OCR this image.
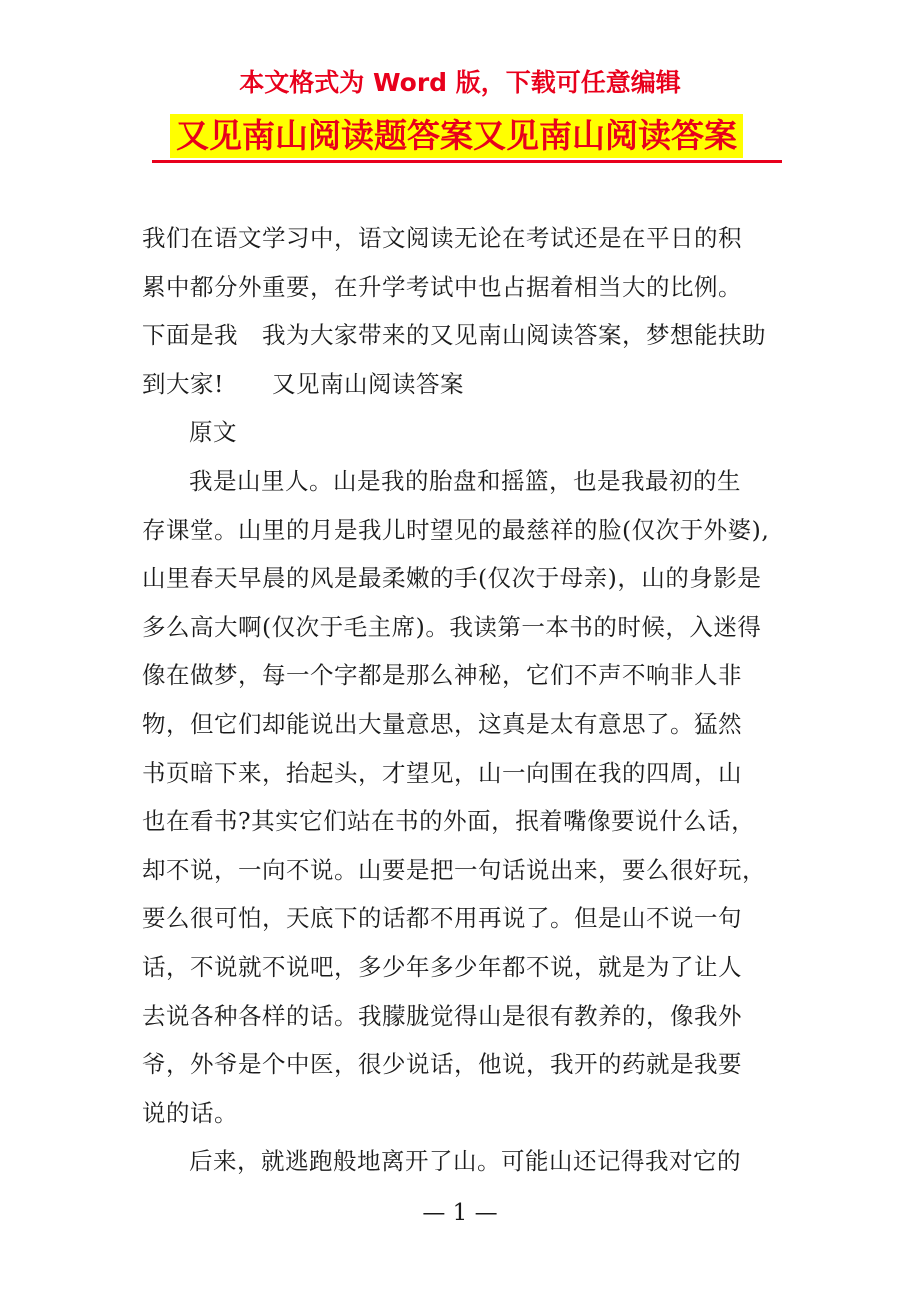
本文格式为 Word 版，下载可任意编辑
又见南山阅读题答案又见南山阅读答案
我们在语文学习中，语文阅读无论在考试还是在平日的积
累中都分外重要，在升学考试中也占据着相当大的比例。
下面是我　我为大家带来的又见南山阅读答案，梦想能扶助
到大家!　　又见南山阅读答案
原文
我是山里人。山是我的胎盘和摇篮，也是我最初的生
存课堂。山里的月是我儿时望见的最慈祥的脸(仅次于外婆),
山里春天早晨的风是最柔嫩的手(仅次于母亲)，山的身影是
多么高大啊(仅次于毛主席)。我读第一本书的时候，入迷得
像在做梦，每一个字都是那么神秘，它们不声不响非人非
物，但它们却能说出大量意思，这真是太有意思了。猛然
书页暗下来，抬起头，才望见，山一向围在我的四周，山
也在看书?其实它们站在书的外面，抿着嘴像要说什么话，
却不说，一向不说。山要是把一句话说出来，要么很好玩，
要么很可怕，天底下的话都不用再说了。但是山不说一句
话，不说就不说吧，多少年多少年都不说，就是为了让人
去说各种各样的话。我朦胧觉得山是很有教养的，像我外
爷，外爷是个中医，很少说话，他说，我开的药就是我要
说的话。
后来，就逃跑般地离开了山。可能山还记得我对它的
— 1 —
